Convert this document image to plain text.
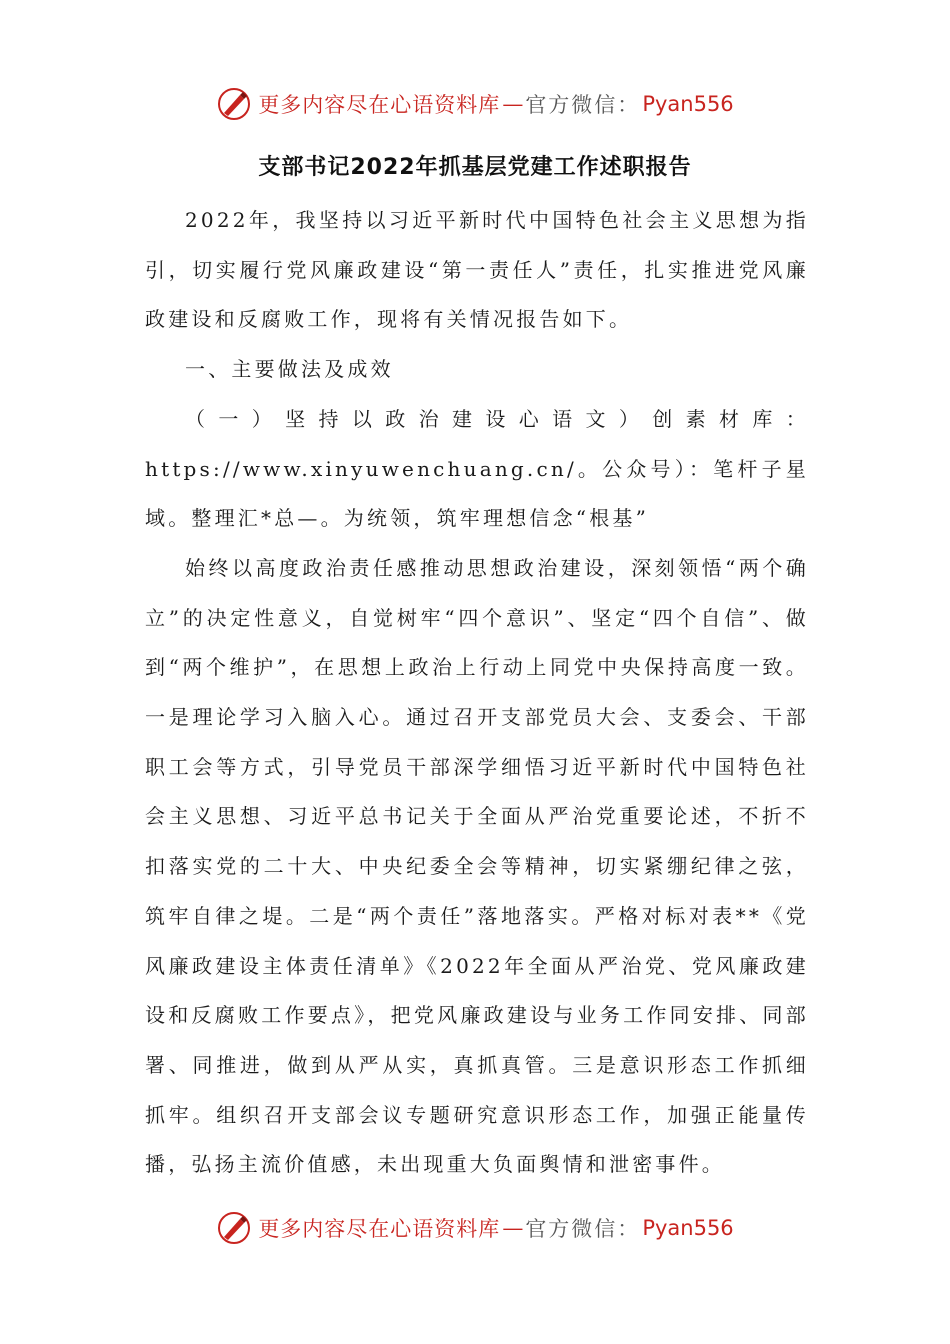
更多内容尽在心语资料库 — 官方微信： Pyan556
支部书记2022年抓基层党建工作述职报告

2022年，我坚持以习近平新时代中国特色社会主义思想为指引，切实履行党风廉政建设“第一责任人”责任，扎实推进党风廉政建设和反腐败工作，现将有关情况报告如下。

一、主要做法及成效

（一）坚持以政治建设心语文）创素材库：https://www.xinyuwenchuang.cn/。公众号）：笔杆子星域。整理汇*总—。为统领，筑牢理想信念“根基”

始终以高度政治责任感推动思想政治建设，深刻领悟“两个确立”的决定性意义，自觉树牢“四个意识”、坚定“四个自信”、做到“两个维护”，在思想上政治上行动上同党中央保持高度一致。一是理论学习入脑入心。通过召开支部党员大会、支委会、干部职工会等方式，引导党员干部深学细悟习近平新时代中国特色社会主义思想、习近平总书记关于全面从严治党重要论述，不折不扣落实党的二十大、中央纪委全会等精神，切实紧绷纪律之弦，筑牢自律之堤。二是“两个责任”落地落实。严格对标对表**《党风廉政建设主体责任清单》《2022年全面从严治党、党风廉政建设和反腐败工作要点》，把党风廉政建设与业务工作同安排、同部署、同推进，做到从严从实，真抓真管。三是意识形态工作抓细抓牢。组织召开支部会议专题研究意识形态工作，加强正能量传播，弘扬主流价值感，未出现重大负面舆情和泄密事件。

更多内容尽在心语资料库 — 官方微信： Pyan556
